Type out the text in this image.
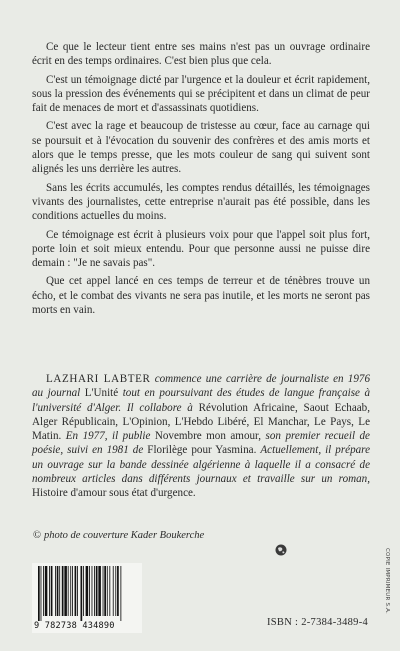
Ce que le lecteur tient entre ses mains n'est pas un ouvrage ordinaire écrit en des temps ordinaires. C'est bien plus que cela.

C'est un témoignage dicté par l'urgence et la douleur et écrit rapidement, sous la pression des événements qui se précipitent et dans un climat de peur fait de menaces de mort et d'assassinats quotidiens.

C'est avec la rage et beaucoup de tristesse au cœur, face au carnage qui se poursuit et à l'évocation du souvenir des confrères et des amis morts et alors que le temps presse, que les mots couleur de sang qui suivent sont alignés les uns derrière les autres.

Sans les écrits accumulés, les comptes rendus détaillés, les témoignages vivants des journalistes, cette entreprise n'aurait pas été possible, dans les conditions actuelles du moins.

Ce témoignage est écrit à plusieurs voix pour que l'appel soit plus fort, porte loin et soit mieux entendu. Pour que personne aussi ne puisse dire demain : "Je ne savais pas".

Que cet appel lancé en ces temps de terreur et de ténèbres trouve un écho, et le combat des vivants ne sera pas inutile, et les morts ne seront pas morts en vain.

LAZHARI LABTER commence une carrière de journaliste en 1976 au journal L'Unité tout en poursuivant des études de langue française à l'université d'Alger. Il collabore à Révolution Africaine, Saout Echaab, Alger Républicain, L'Opinion, L'Hebdo Libéré, El Manchar, Le Pays, Le Matin. En 1977, il publie Novembre mon amour, son premier recueil de poésie, suivi en 1981 de Florilège pour Yasmina. Actuellement, il prépare un ouvrage sur la bande dessinée algérienne à laquelle il a consacré de nombreux articles dans différents journaux et travaille sur un roman, Histoire d'amour sous état d'urgence.

© photo de couverture Kader Boukerche
9 782738 434890	ISBN : 2-7384-3489-4
COPIE IMPRIMEUR S.A.
